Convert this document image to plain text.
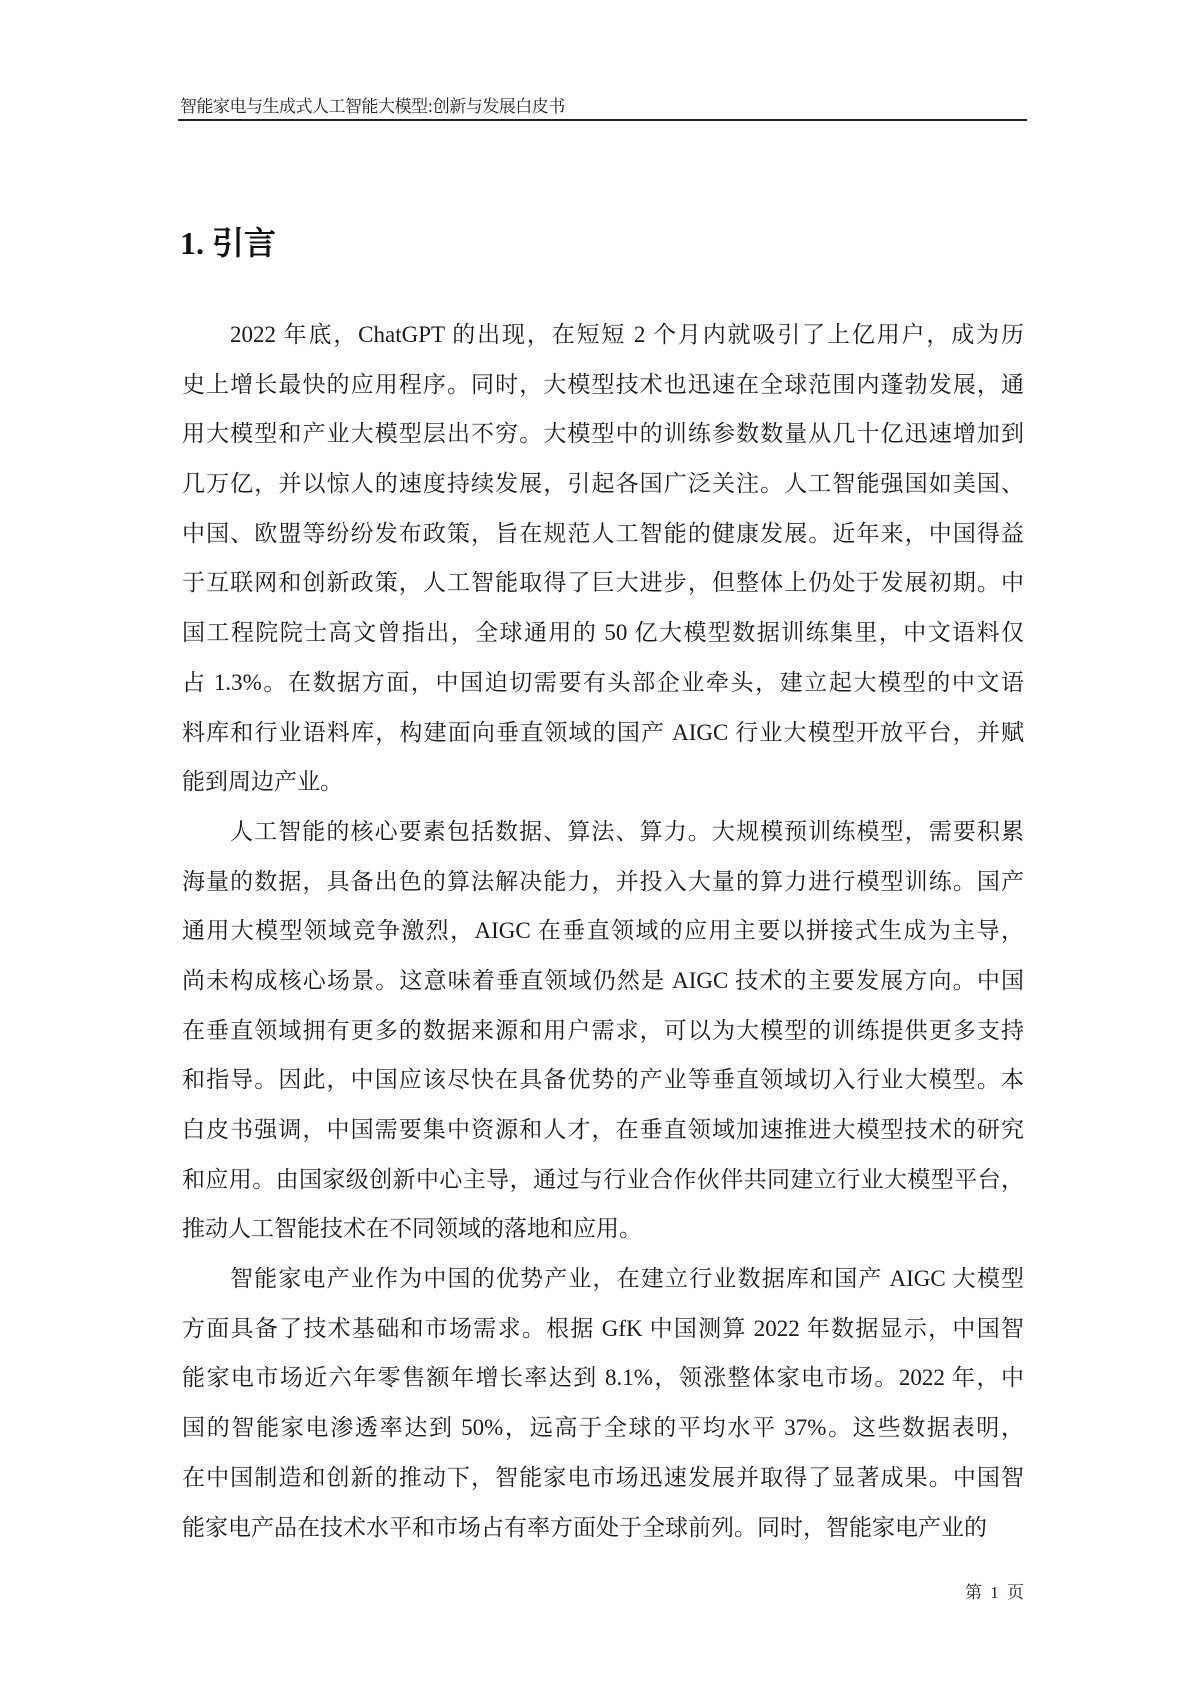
智能家电与生成式人工智能大模型:创新与发展白皮书
1. 引言
2022 年底，ChatGPT 的出现，在短短 2 个月内就吸引了上亿用户，成为历
史上增长最快的应用程序。同时，大模型技术也迅速在全球范围内蓬勃发展，通
用大模型和产业大模型层出不穷。大模型中的训练参数数量从几十亿迅速增加到
几万亿，并以惊人的速度持续发展，引起各国广泛关注。人工智能强国如美国、
中国、欧盟等纷纷发布政策，旨在规范人工智能的健康发展。近年来，中国得益
于互联网和创新政策，人工智能取得了巨大进步，但整体上仍处于发展初期。中
国工程院院士高文曾指出，全球通用的 50 亿大模型数据训练集里，中文语料仅
占 1.3%。在数据方面，中国迫切需要有头部企业牵头，建立起大模型的中文语
料库和行业语料库，构建面向垂直领域的国产 AIGC 行业大模型开放平台，并赋
能到周边产业。
人工智能的核心要素包括数据、算法、算力。大规模预训练模型，需要积累
海量的数据，具备出色的算法解决能力，并投入大量的算力进行模型训练。国产
通用大模型领域竞争激烈，AIGC 在垂直领域的应用主要以拼接式生成为主导，
尚未构成核心场景。这意味着垂直领域仍然是 AIGC 技术的主要发展方向。中国
在垂直领域拥有更多的数据来源和用户需求，可以为大模型的训练提供更多支持
和指导。因此，中国应该尽快在具备优势的产业等垂直领域切入行业大模型。本
白皮书强调，中国需要集中资源和人才，在垂直领域加速推进大模型技术的研究
和应用。由国家级创新中心主导，通过与行业合作伙伴共同建立行业大模型平台，
推动人工智能技术在不同领域的落地和应用。
智能家电产业作为中国的优势产业，在建立行业数据库和国产 AIGC 大模型
方面具备了技术基础和市场需求。根据 GfK 中国测算 2022 年数据显示，中国智
能家电市场近六年零售额年增长率达到 8.1%，领涨整体家电市场。2022 年，中
国的智能家电渗透率达到 50%，远高于全球的平均水平 37%。这些数据表明，
在中国制造和创新的推动下，智能家电市场迅速发展并取得了显著成果。中国智
能家电产品在技术水平和市场占有率方面处于全球前列。同时，智能家电产业的
第 1 页
